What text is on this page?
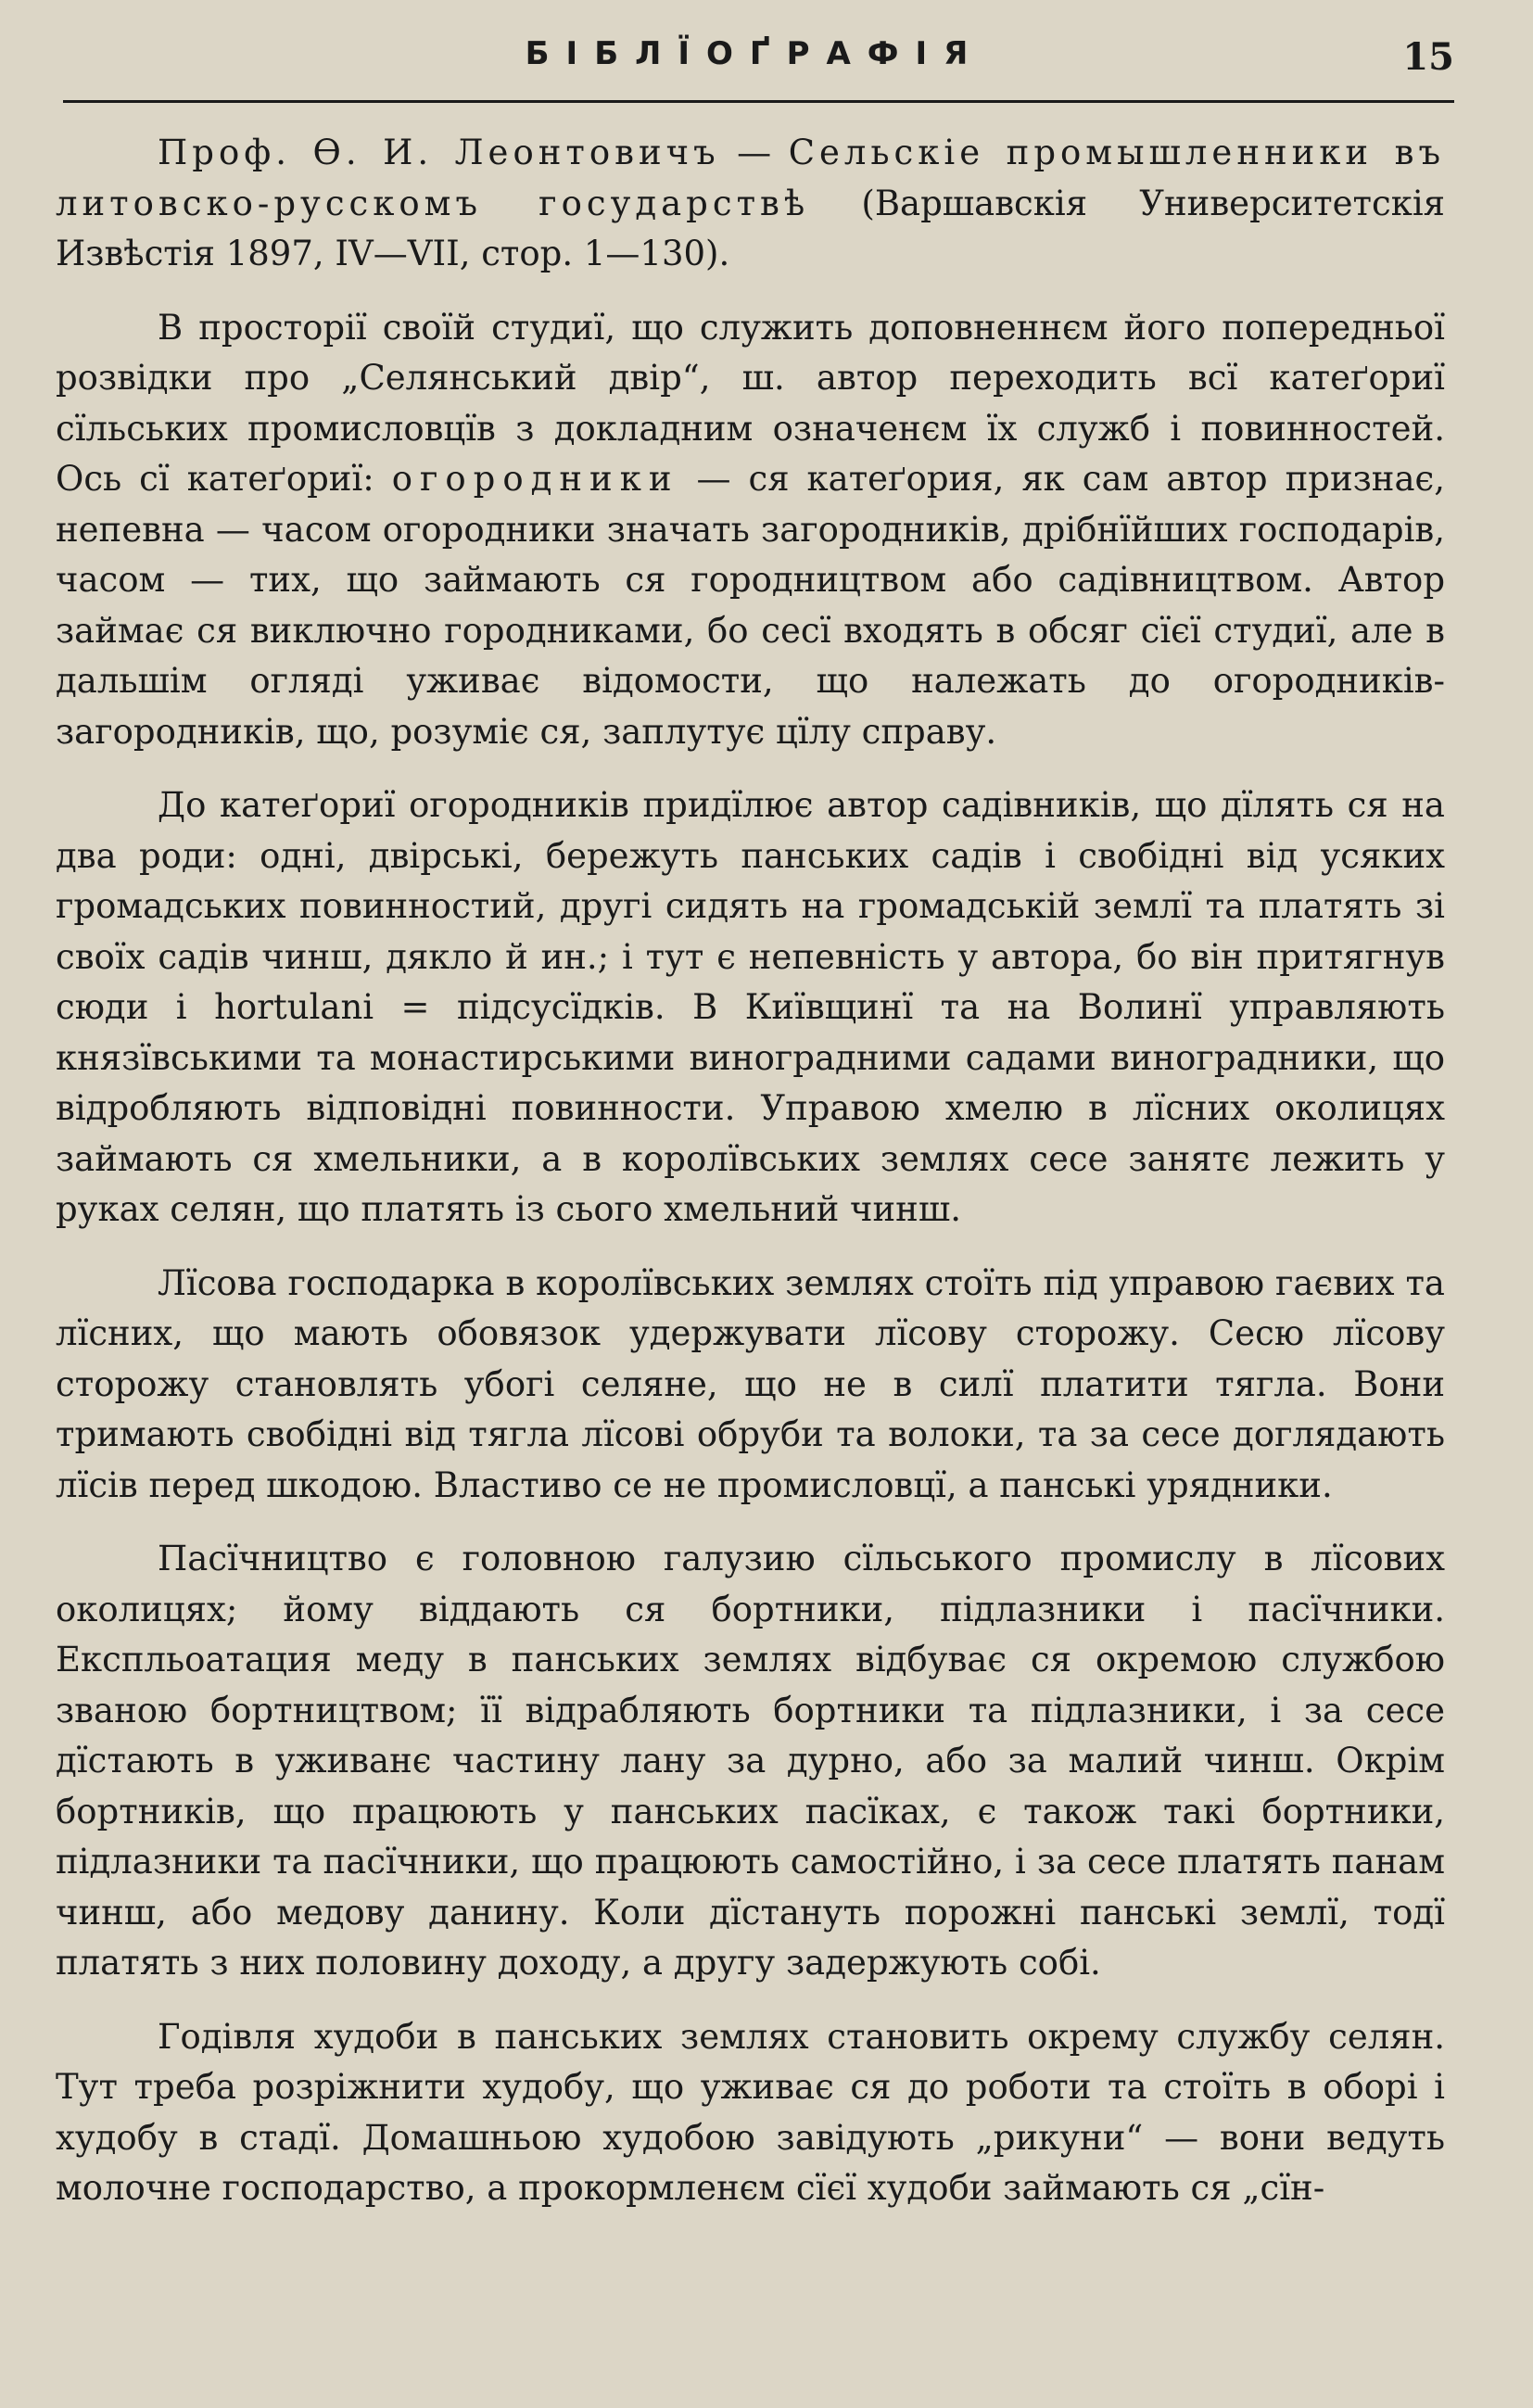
БІБЛЇОҐРАФІЯ	15

Проф. Ѳ. И. Леонтовичъ — Сельскіе промышленники въ литовско-русскомъ государствѣ (Варшавскія Университетскія Извѣстія 1897, IV—VII, стор. 1—130).

В просторії своїй студиї, що служить доповненнєм його попередньої розвідки про „Селянський двір“, ш. автор переходить всї катеґориї сїльських промисловцїв з докладним означенєм їх служб і повинностей. Ось сї катеґориї: огородники — ся катеґория, як сам автор признає, непевна — часом огородники значать загородників, дрібнїйших господарів, часом — тих, що займають ся городництвом або садівництвом. Автор займає ся виключно городниками, бо сесї входять в обсяг сїєї студиї, але в дальшім огляді уживає відомости, що належать до огородників-загородників, що, розуміє ся, заплутує цїлу справу.

До катеґориї огородників придїлює автор садівників, що дїлять ся на два роди: одні, двірські, бережуть панських садів і свобідні від усяких громадських повинностий, другі сидять на громадській землї та платять зі своїх садів чинш, дякло й ин.; і тут є непевність у автора, бо він притягнув сюди і hortulani = підсусїдків. В Київщинї та на Волинї управляють князївськими та монастирськими виноградними садами виноградники, що відробляють відповідні повинности. Управою хмелю в лїсних околицях займають ся хмельники, а в королївських землях сесе занятє лежить у руках селян, що платять із сього хмельний чинш.

Лїсова господарка в королївських землях стоїть під управою гаєвих та лїсних, що мають обовязок удержувати лїсову сторожу. Сесю лїсову сторожу становлять убогі селяне, що не в силї платити тягла. Вони тримають свобідні від тягла лїсові обруби та волоки, та за сесе доглядають лїсів перед шкодою. Властиво се не промисловцї, а панські урядники.

Пасїчництво є головною галузию сїльського промислу в лїсових околицях; йому віддають ся бортники, підлазники і пасїчники. Експльоатация меду в панських землях відбуває ся окремою службою званою бортництвом; її відрабляють бортники та підлазники, і за сесе дїстають в уживанє частину лану за дурно, або за малий чинш. Окрім бортників, що працюють у панських пасїках, є також такі бортники, підлазники та пасїчники, що працюють самостійно, і за сесе платять панам чинш, або медову данину. Коли дїстануть порожні панські землї, тодї платять з них половину доходу, а другу задержують собі.

Годівля худоби в панських землях становить окрему службу селян. Тут треба розріжнити худобу, що уживає ся до роботи та стоїть в оборі і худобу в стадї. Домашньою худобою завідують „рикуни“ — вони ведуть молочне господарство, а прокормленєм сїєї худоби займають ся „сїн-
